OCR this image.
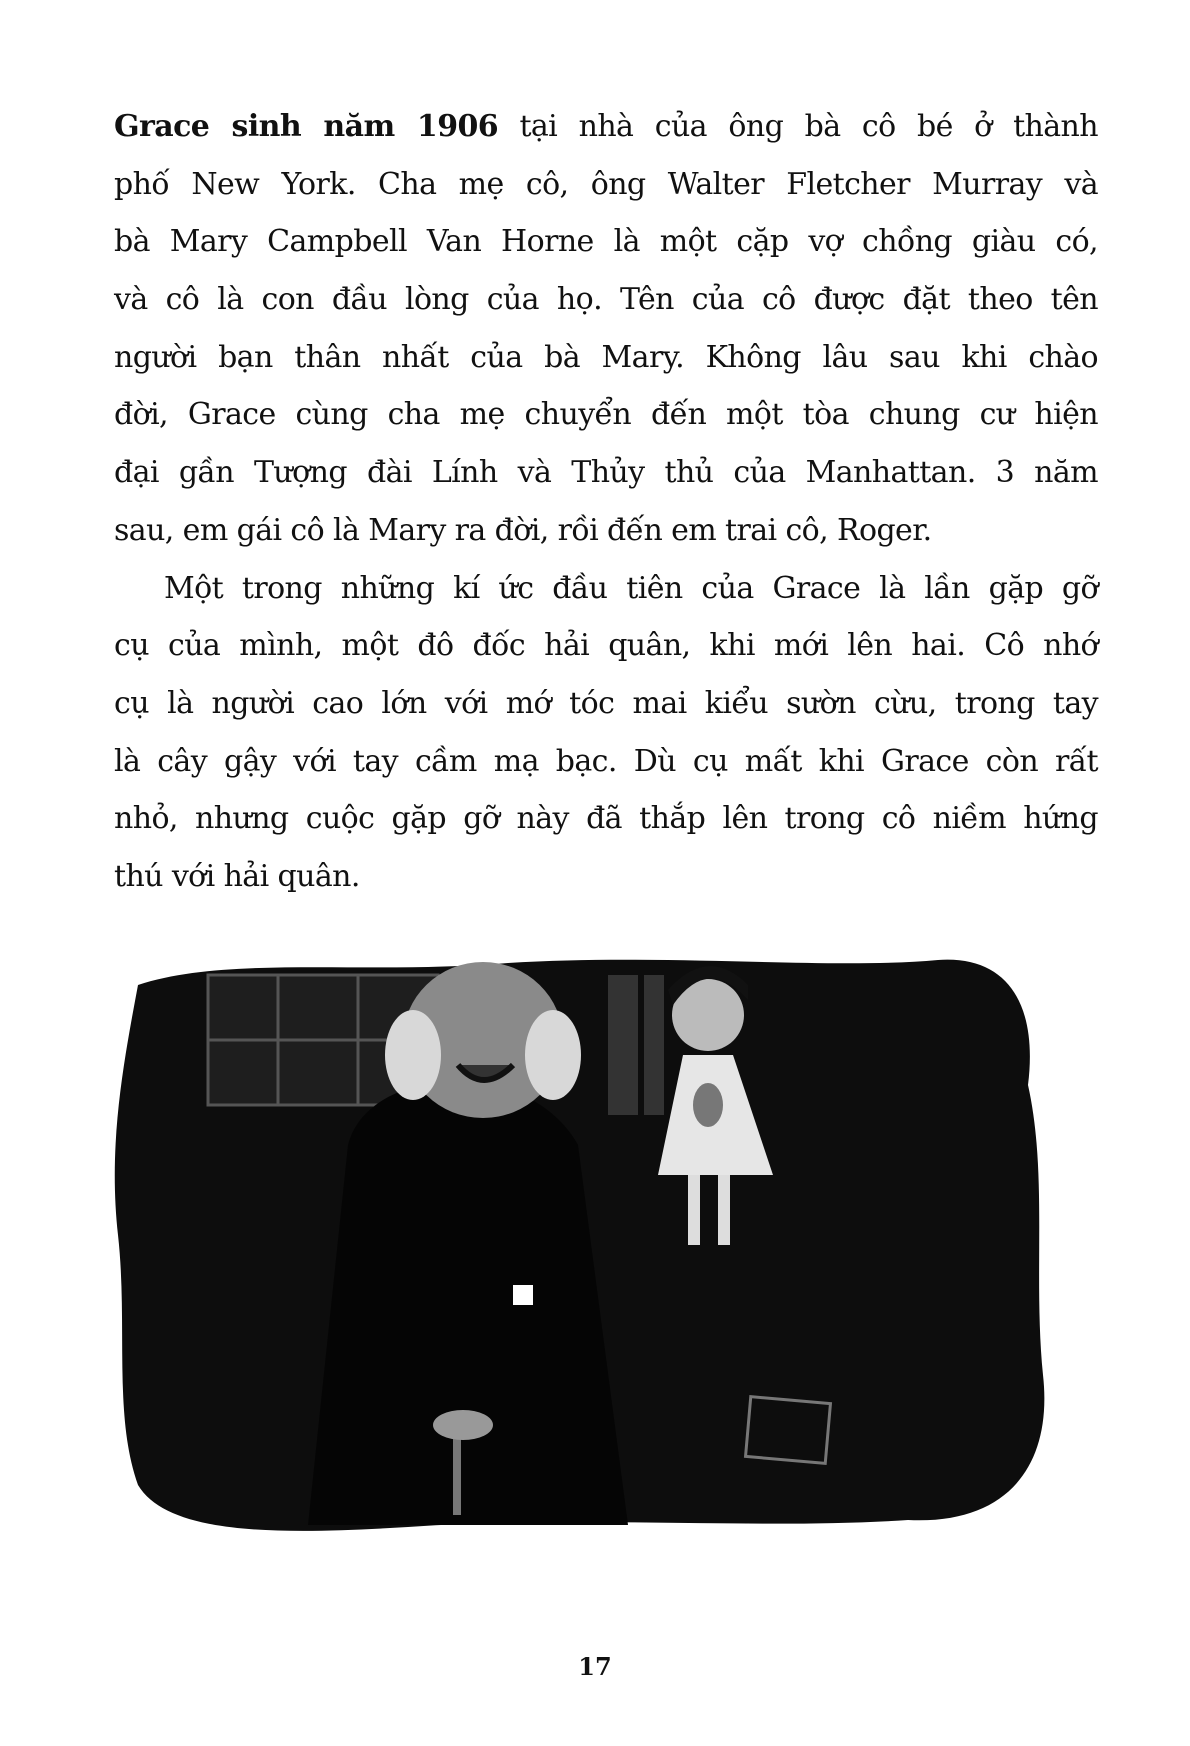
Grace sinh năm 1906 tại nhà của ông bà cô bé ở thành
phố New York. Cha mẹ cô, ông Walter Fletcher Murray và
bà Mary Campbell Van Horne là một cặp vợ chồng giàu có,
và cô là con đầu lòng của họ. Tên của cô được đặt theo tên
người bạn thân nhất của bà Mary. Không lâu sau khi chào
đời, Grace cùng cha mẹ chuyển đến một tòa chung cư hiện
đại gần Tượng đài Lính và Thủy thủ của Manhattan. 3 năm
sau, em gái cô là Mary ra đời, rồi đến em trai cô, Roger.
Một trong những kí ức đầu tiên của Grace là lần gặp gỡ
cụ của mình, một đô đốc hải quân, khi mới lên hai. Cô nhớ
cụ là người cao lớn với mớ tóc mai kiểu sườn cừu, trong tay
là cây gậy với tay cầm mạ bạc. Dù cụ mất khi Grace còn rất
nhỏ, nhưng cuộc gặp gỡ này đã thắp lên trong cô niềm hứng
thú với hải quân.
17
